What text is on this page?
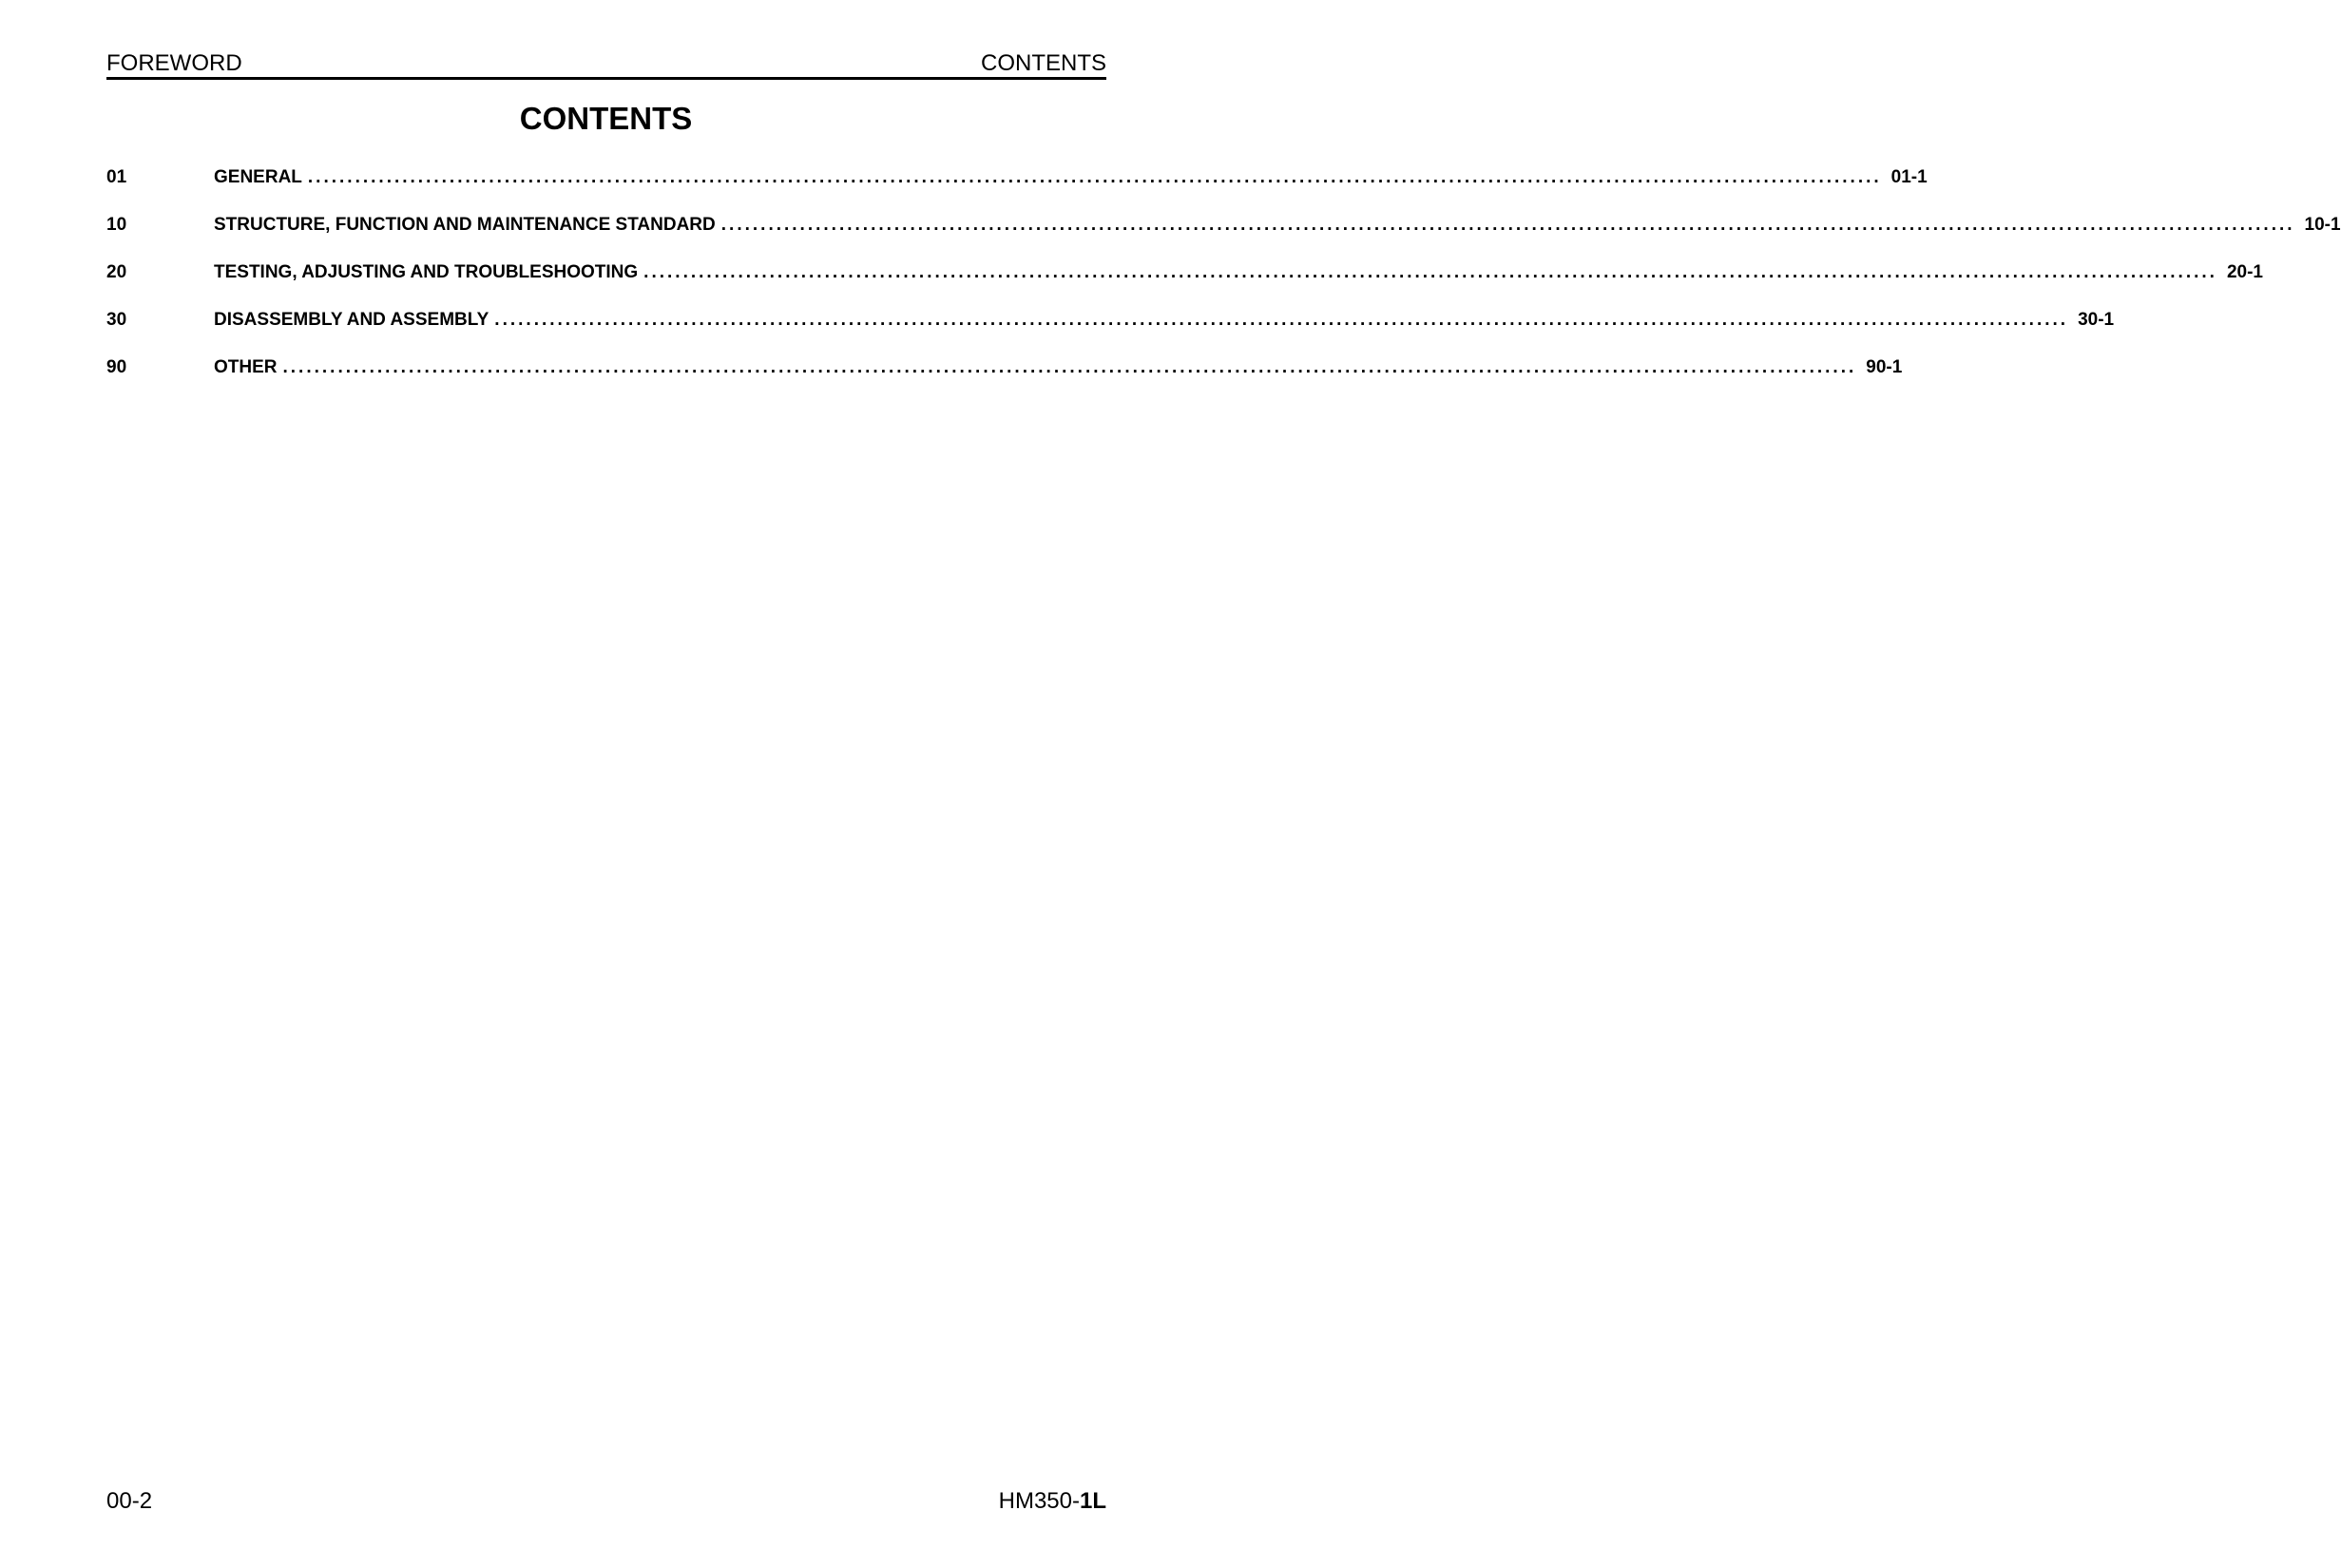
FOREWORD	CONTENTS
CONTENTS
01	GENERAL ........................................................................................................................................................................................................ 01-1
10	STRUCTURE, FUNCTION AND MAINTENANCE STANDARD ........................................................................................................................................................................................................ 10-1
20	TESTING, ADJUSTING AND TROUBLESHOOTING ........................................................................................................................................................................................................ 20-1
30	DISASSEMBLY AND ASSEMBLY ........................................................................................................................................................................................................ 30-1
90	OTHER ........................................................................................................................................................................................................ 90-1
00-2	HM350-1L
